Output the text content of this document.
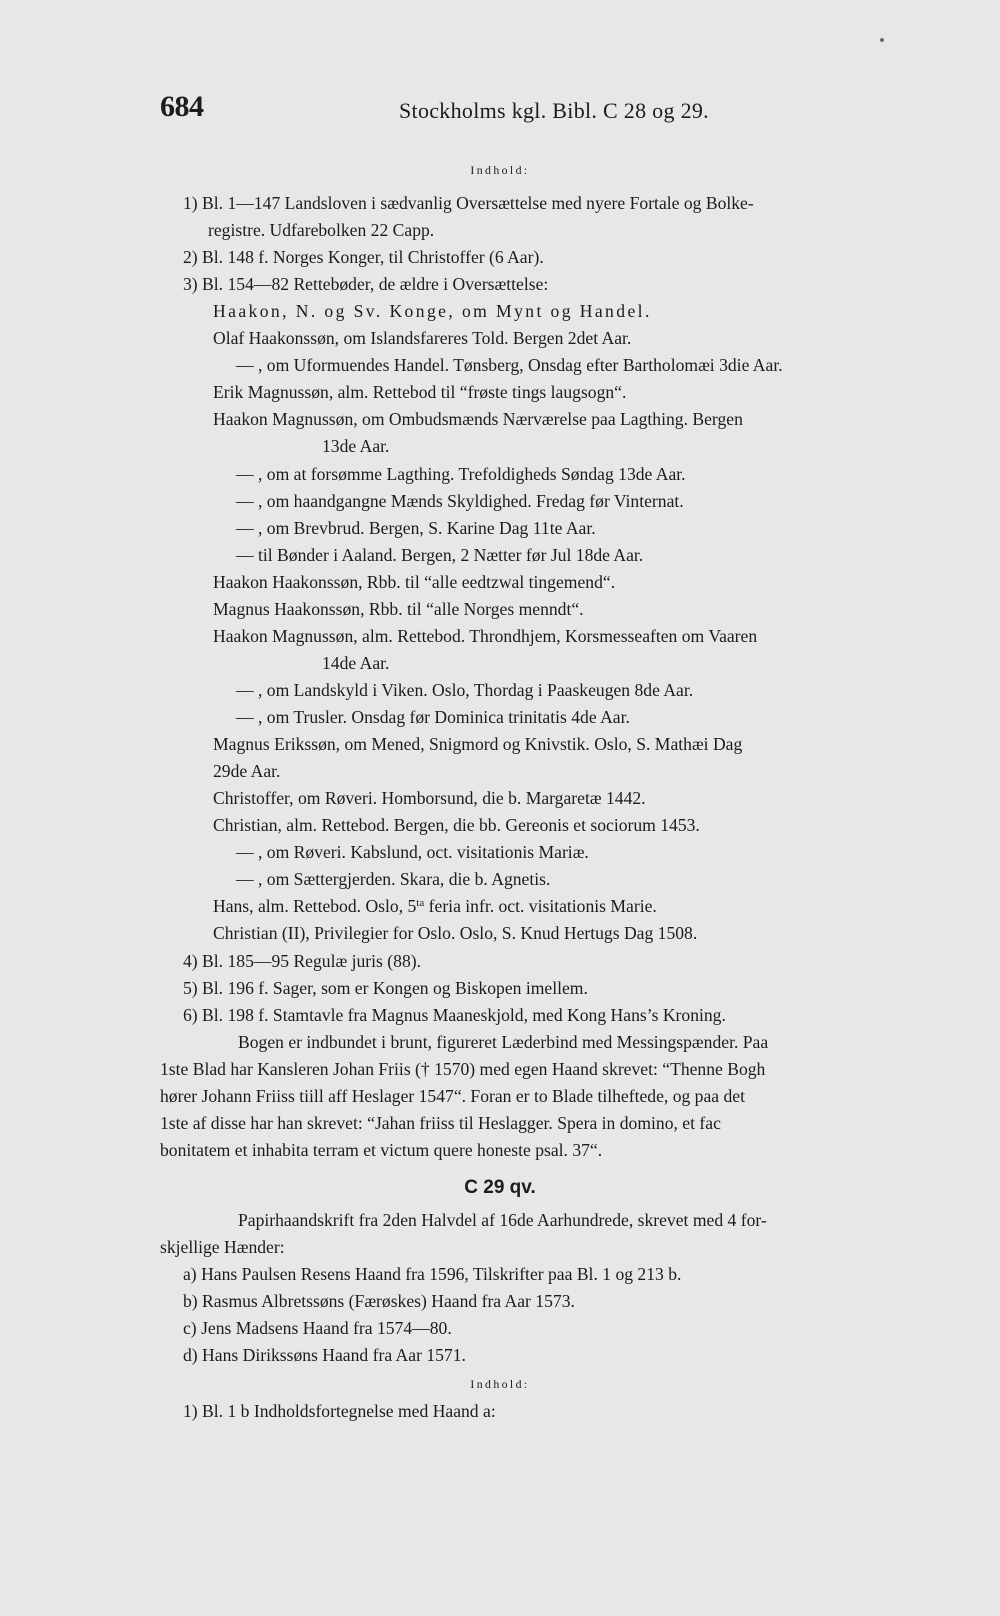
684	Stockholms kgl. Bibl. C 28 og 29.
Indhold:
1) Bl. 1—147 Landsloven i sædvanlig Oversættelse med nyere Fortale og Bolke-
registre. Udfarebolken 22 Capp.
2) Bl. 148 f. Norges Konger, til Christoffer (6 Aar).
3) Bl. 154—82 Rettebøder, de ældre i Oversættelse:
Haakon, N. og Sv. Konge, om Mynt og Handel.
Olaf Haakonssøn, om Islandsfareres Told. Bergen 2det Aar.
— , om Uformuendes Handel. Tønsberg, Onsdag efter Bartholomæi 3die Aar.
Erik Magnussøn, alm. Rettebod til “frøste tings laugsogn“.
Haakon Magnussøn, om Ombudsmænds Nærværelse paa Lagthing. Bergen
13de Aar.
— , om at forsømme Lagthing. Trefoldigheds Søndag 13de Aar.
— , om haandgangne Mænds Skyldighed. Fredag før Vinternat.
— , om Brevbrud. Bergen, S. Karine Dag 11te Aar.
— til Bønder i Aaland. Bergen, 2 Nætter før Jul 18de Aar.
Haakon Haakonssøn, Rbb. til “alle eedtzwal tingemend“.
Magnus Haakonssøn, Rbb. til “alle Norges menndt“.
Haakon Magnussøn, alm. Rettebod. Throndhjem, Korsmesseaften om Vaaren
14de Aar.
— , om Landskyld i Viken. Oslo, Thordag i Paaskeugen 8de Aar.
— , om Trusler. Onsdag før Dominica trinitatis 4de Aar.
Magnus Erikssøn, om Mened, Snigmord og Knivstik. Oslo, S. Mathæi Dag
29de Aar.
Christoffer, om Røveri. Homborsund, die b. Margaretæ 1442.
Christian, alm. Rettebod. Bergen, die bb. Gereonis et sociorum 1453.
— , om Røveri. Kabslund, oct. visitationis Mariæ.
— , om Sættergjerden. Skara, die b. Agnetis.
Hans, alm. Rettebod. Oslo, $5^{ta}$ feria infr. oct. visitationis Marie.
Christian (II), Privilegier for Oslo. Oslo, S. Knud Hertugs Dag 1508.
4) Bl. 185—95 Regulæ juris (88).
5) Bl. 196 f. Sager, som er Kongen og Biskopen imellem.
6) Bl. 198 f. Stamtavle fra Magnus Maaneskjold, med Kong Hans’s Kroning.
Bogen er indbundet i brunt, figureret Læderbind med Messingspænder. Paa
1ste Blad har Kansleren Johan Friis († 1570) med egen Haand skrevet: “Thenne Bogh
hører Johann Friiss tiill aff Heslager 1547“. Foran er to Blade tilheftede, og paa det
1ste af disse har han skrevet: “Jahan friiss til Heslagger. Spera in domino, et fac
bonitatem et inhabita terram et victum quere honeste psal. 37“.
C 29 qv.
Papirhaandskrift fra 2den Halvdel af 16de Aarhundrede, skrevet med 4 for-
skjellige Hænder:
a) Hans Paulsen Resens Haand fra 1596, Tilskrifter paa Bl. 1 og 213 b.
b) Rasmus Albretssøns (Færøskes) Haand fra Aar 1573.
c) Jens Madsens Haand fra 1574—80.
d) Hans Dirikssøns Haand fra Aar 1571.
Indhold:
1) Bl. 1 b Indholdsfortegnelse med Haand a:
